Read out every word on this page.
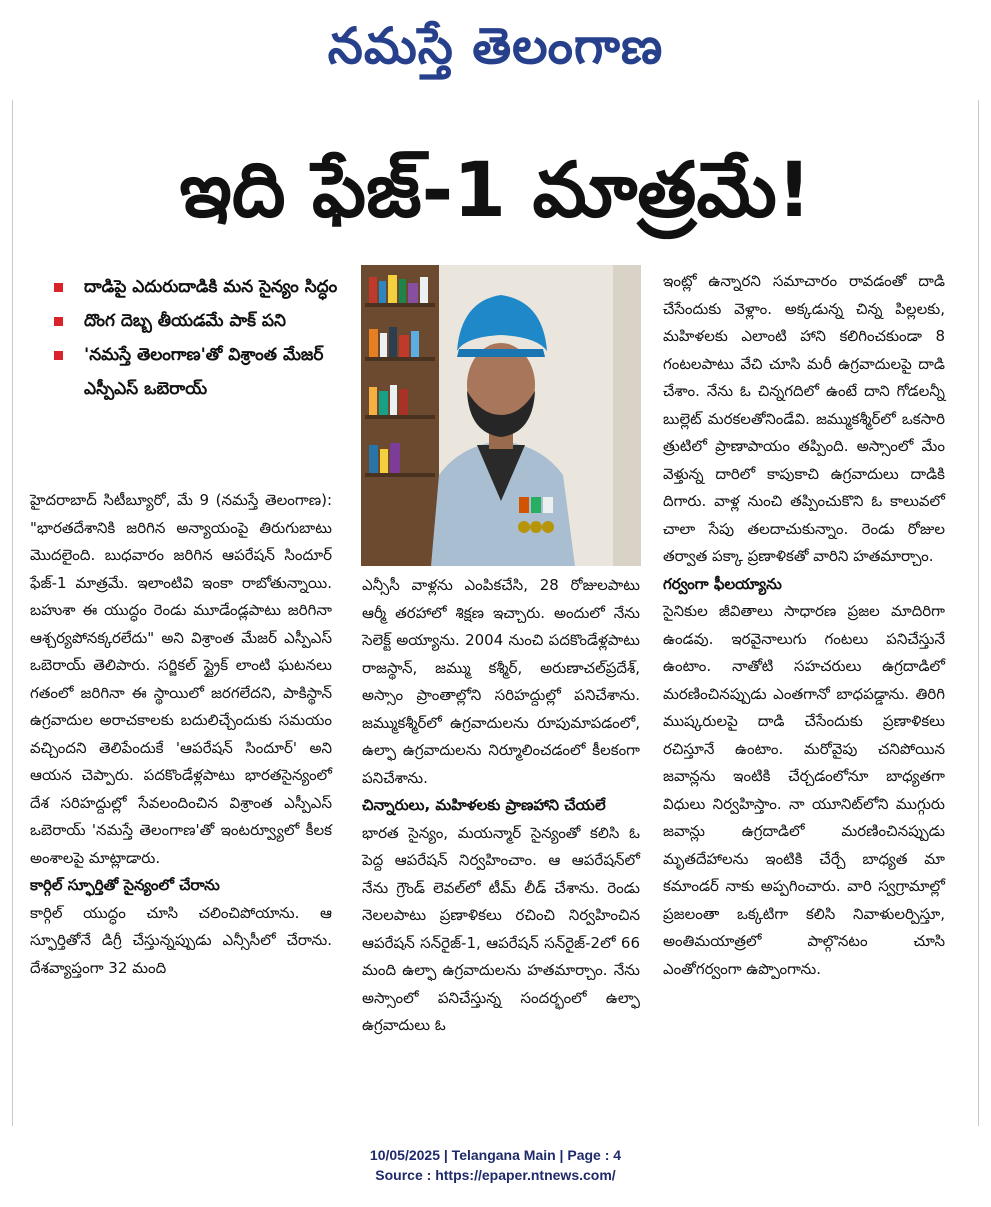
నమస్తే తెలంగాణ
ఇది ఫేజ్-1 మాత్రమే!
దాడిపై ఎదురుదాడికి మన సైన్యం సిద్ధం
దొంగ దెబ్బ తీయడమే పాక్ పని
'నమస్తే తెలంగాణ'తో విశ్రాంత మేజర్ ఎస్పీఎస్ ఒబెరాయ్

హైదరాబాద్ సిటీబ్యూరో, మే 9 (నమస్తే తెలంగాణ): "భారతదేశానికి జరిగిన అన్యాయంపై తిరుగుబాటు మొదలైంది. బుధవారం జరిగిన ఆపరేషన్ సిందూర్ ఫేజ్-1 మాత్రమే. ఇలాంటివి ఇంకా రాబోతున్నాయి. బహుశా ఈ యుద్ధం రెండు మూడేండ్లపాటు జరిగినా ఆశ్చర్యపోనక్కరలేదు" అని విశ్రాంత మేజర్ ఎస్పీఎస్ ఒబెరాయ్ తెలిపారు. సర్జికల్ స్ట్రైక్ లాంటి ఘటనలు గతంలో జరిగినా ఈ స్థాయిలో జరగలేదని, పాకిస్థాన్ ఉగ్రవాదుల అరాచకాలకు బదులిచ్చేందుకు సమయం వచ్చిందని తెలిపేందుకే 'ఆపరేషన్ సిందూర్' అని ఆయన చెప్పారు. పదకొండేళ్లపాటు భారతసైన్యంలో దేశ సరిహద్దుల్లో సేవలందించిన విశ్రాంత ఎస్పీఎస్ ఒబెరాయ్ 'నమస్తే తెలంగాణ'తో ఇంటర్వ్యూలో కీలక అంశాలపై మాట్లాడారు.

కార్గిల్ స్ఫూర్తితో సైన్యంలో చేరాను

కార్గిల్ యుద్ధం చూసి చలించిపోయాను. ఆ స్ఫూర్తితోనే డిగ్రీ చేస్తున్నప్పుడు ఎన్సీసీలో చేరాను. దేశవ్యాప్తంగా 32 మంది

ఎన్సీసీ వాళ్లను ఎంపికచేసి, 28 రోజులపాటు ఆర్మీ తరహాలో శిక్షణ ఇచ్చారు. అందులో నేను సెలెక్ట్ అయ్యాను. 2004 నుంచి పదకొండేళ్లపాటు రాజస్థాన్, జమ్ము కశ్మీర్, అరుణాచల్‌ప్రదేశ్, అస్సాం ప్రాంతాల్లోని సరిహద్దుల్లో పనిచేశాను. జమ్ముకశ్మీర్‌లో ఉగ్రవాదులను రూపుమాపడంలో, ఉల్ఫా ఉగ్రవాదులను నిర్మూలించడంలో కీలకంగా పనిచేశాను.

చిన్నారులు, మహిళలకు ప్రాణహాని చేయలే

భారత సైన్యం, మయన్మార్ సైన్యంతో కలిసి ఓ పెద్ద ఆపరేషన్ నిర్వహించాం. ఆ ఆపరేషన్‌లో నేను గ్రౌండ్ లెవల్‌లో టీమ్ లీడ్ చేశాను. రెండు నెలలపాటు ప్రణాళికలు రచించి నిర్వహించిన ఆపరేషన్ సన్‌రైజ్-1, ఆపరేషన్ సన్‌రైజ్-2లో 66 మంది ఉల్ఫా ఉగ్రవాదులను హతమార్చాం. నేను అస్సాంలో పనిచేస్తున్న సందర్భంలో ఉల్ఫా ఉగ్రవాదులు ఓ

ఇంట్లో ఉన్నారని సమాచారం రావడంతో దాడి చేసేందుకు వెళ్లాం. అక్కడున్న చిన్న పిల్లలకు, మహిళలకు ఎలాంటి హాని కలిగించకుండా 8 గంటలపాటు వేచి చూసి మరీ ఉగ్రవాదులపై దాడి చేశాం. నేను ఓ చిన్నగదిలో ఉంటే దాని గోడలన్నీ బుల్లెట్ మరకలతోనిండేవి. జమ్ముకశ్మీర్‌లో ఒకసారి త్రుటిలో ప్రాణాపాయం తప్పింది. అస్సాంలో మేం వెళ్తున్న దారిలో కాపుకాచి ఉగ్రవాదులు దాడికి దిగారు. వాళ్ల నుంచి తప్పించుకొని ఓ కాలువలో చాలా సేపు తలదాచుకున్నాం. రెండు రోజుల తర్వాత పక్కా ప్రణాళికతో వారిని హతమార్చాం.

గర్వంగా ఫీలయ్యాను

సైనికుల జీవితాలు సాధారణ ప్రజల మాదిరిగా ఉండవు. ఇరవైనాలుగు గంటలు పనిచేస్తునే ఉంటాం. నాతోటి సహచరులు ఉగ్రదాడిలో మరణించినప్పుడు ఎంతగానో బాధపడ్డాను. తిరిగి ముష్కరులపై దాడి చేసేందుకు ప్రణాళికలు రచిస్తూనే ఉంటాం. మరోవైపు చనిపోయిన జవాన్లను ఇంటికి చేర్చడంలోనూ బాధ్యతగా విధులు నిర్వహిస్తాం. నా యూనిట్‌లోని ముగ్గురు జవాన్లు ఉగ్రదాడిలో మరణించినప్పుడు మృతదేహాలను ఇంటికి చేర్చే బాధ్యత మా కమాండర్ నాకు అప్పగించారు. వారి స్వగ్రామాల్లో ప్రజలంతా ఒక్కటిగా కలిసి నివాళులర్పిస్తూ, అంతిమయాత్రలో పాల్గొనటం చూసి ఎంతోగర్వంగా ఉప్పొంగాను.

10/05/2025 | Telangana Main | Page : 4
Source : https://epaper.ntnews.com/
